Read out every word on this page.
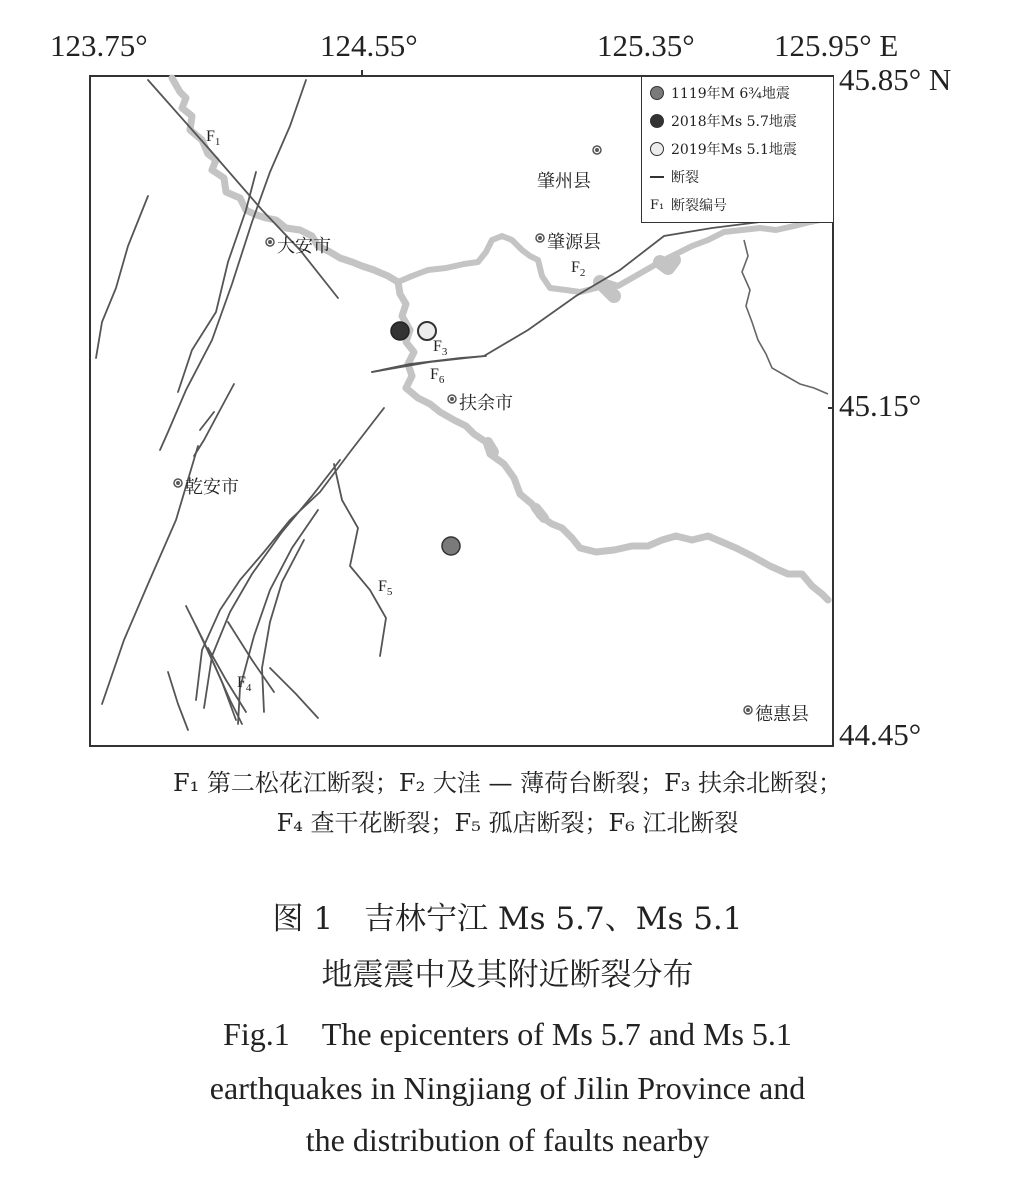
123.75°	124.55°	125.35°	125.95° E
45.85° N
45.15°
44.45°
肇州县
肇源县
大安市
扶余市
乾安市
德惠县
$F_1$
$F_2$
$F_3$
$F_6$
$F_5$
$F_4$
1119年M 6¾地震
2018年Ms 5.7地震
2019年Ms 5.1地震
断裂
F₁ 断裂编号
F₁ 第二松花江断裂；F₂ 大洼 — 薄荷台断裂；F₃ 扶余北断裂；
F₄ 查干花断裂；F₅ 孤店断裂；F₆ 江北断裂
图 1　吉林宁江 Ms 5.7、Ms 5.1
地震震中及其附近断裂分布
Fig.1　The epicenters of Ms 5.7 and Ms 5.1
earthquakes in Ningjiang of Jilin Province and
the distribution of faults nearby
